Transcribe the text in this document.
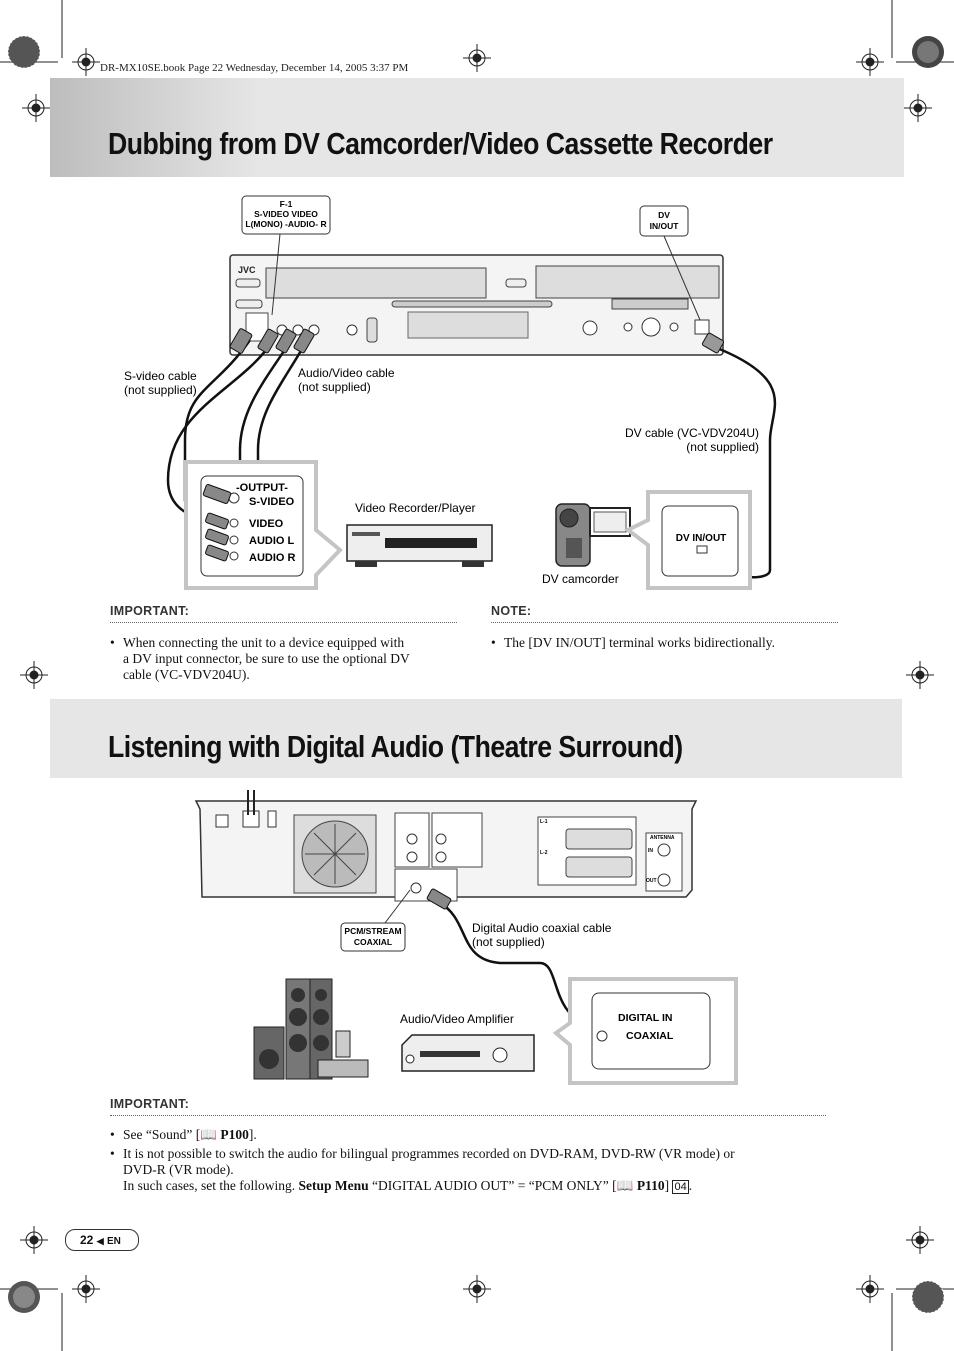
DR-MX10SE.book Page 22 Wednesday, December 14, 2005 3:37 PM
Dubbing from DV Camcorder/Video Cassette Recorder
JVC
F-1
S-VIDEO VIDEO
L(MONO) -AUDIO- R
DV
IN/OUT
S-video cable
(not supplied)
Audio/Video cable
(not supplied)
DV cable (VC-VDV204U)
(not supplied)
-OUTPUT-
S-VIDEO
VIDEO
AUDIO L
AUDIO R
Video Recorder/Player
DV camcorder
DV IN/OUT
IMPORTANT:
• When connecting the unit to a device equipped with
a DV input connector, be sure to use the optional DV
cable (VC-VDV204U).
NOTE:
• The [DV IN/OUT] terminal works bidirectionally.
Listening with Digital Audio (Theatre Surround)
ANTENNA
IN
OUT
L-1
L-2
PCM/STREAM
COAXIAL
Digital Audio coaxial cable
(not supplied)
Audio/Video Amplifier	DIGITAL IN
COAXIAL
IMPORTANT:
• See “Sound” [📖 P100].
• It is not possible to switch the audio for bilingual programmes recorded on DVD-RAM, DVD-RW (VR mode) or
DVD-R (VR mode).
In such cases, set the following. Setup Menu “DIGITAL AUDIO OUT” = “PCM ONLY” [📖 P110] 04 .
22 ◀ EN
